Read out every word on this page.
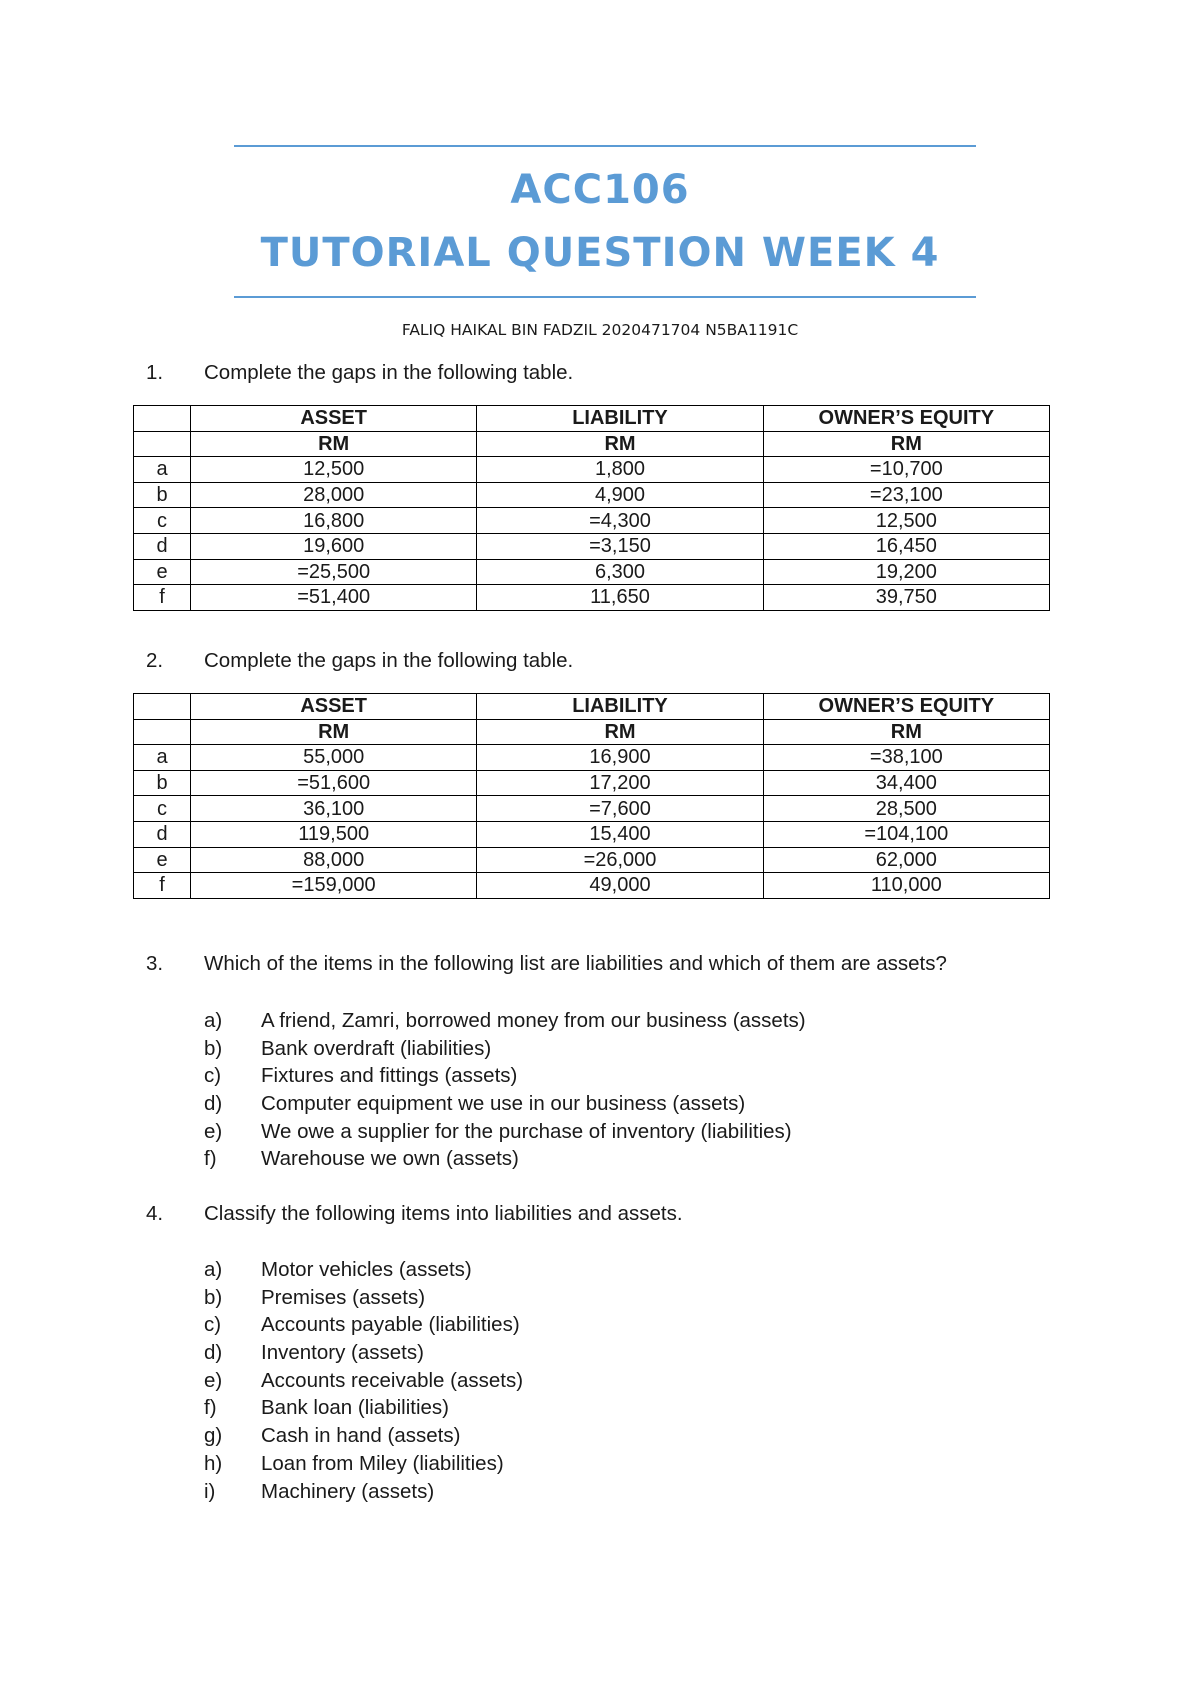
ACC106
TUTORIAL QUESTION WEEK 4
FALIQ HAIKAL BIN FADZIL 2020471704 N5BA1191C
1. Complete the gaps in the following table.
	ASSET	LIABILITY	OWNER’S EQUITY
	RM	RM	RM
a	12,500	1,800	=10,700
b	28,000	4,900	=23,100
c	16,800	=4,300	12,500
d	19,600	=3,150	16,450
e	=25,500	6,300	19,200
f	=51,400	11,650	39,750
2. Complete the gaps in the following table.
	ASSET	LIABILITY	OWNER’S EQUITY
	RM	RM	RM
a	55,000	16,900	=38,100
b	=51,600	17,200	34,400
c	36,100	=7,600	28,500
d	119,500	15,400	=104,100
e	88,000	=26,000	62,000
f	=159,000	49,000	110,000
3. Which of the items in the following list are liabilities and which of them are assets?
a) A friend, Zamri, borrowed money from our business (assets)
b) Bank overdraft (liabilities)
c) Fixtures and fittings (assets)
d) Computer equipment we use in our business (assets)
e) We owe a supplier for the purchase of inventory (liabilities)
f) Warehouse we own (assets)
4. Classify the following items into liabilities and assets.
a) Motor vehicles (assets)
b) Premises (assets)
c) Accounts payable (liabilities)
d) Inventory (assets)
e) Accounts receivable (assets)
f) Bank loan (liabilities)
g) Cash in hand (assets)
h) Loan from Miley (liabilities)
i) Machinery (assets)
